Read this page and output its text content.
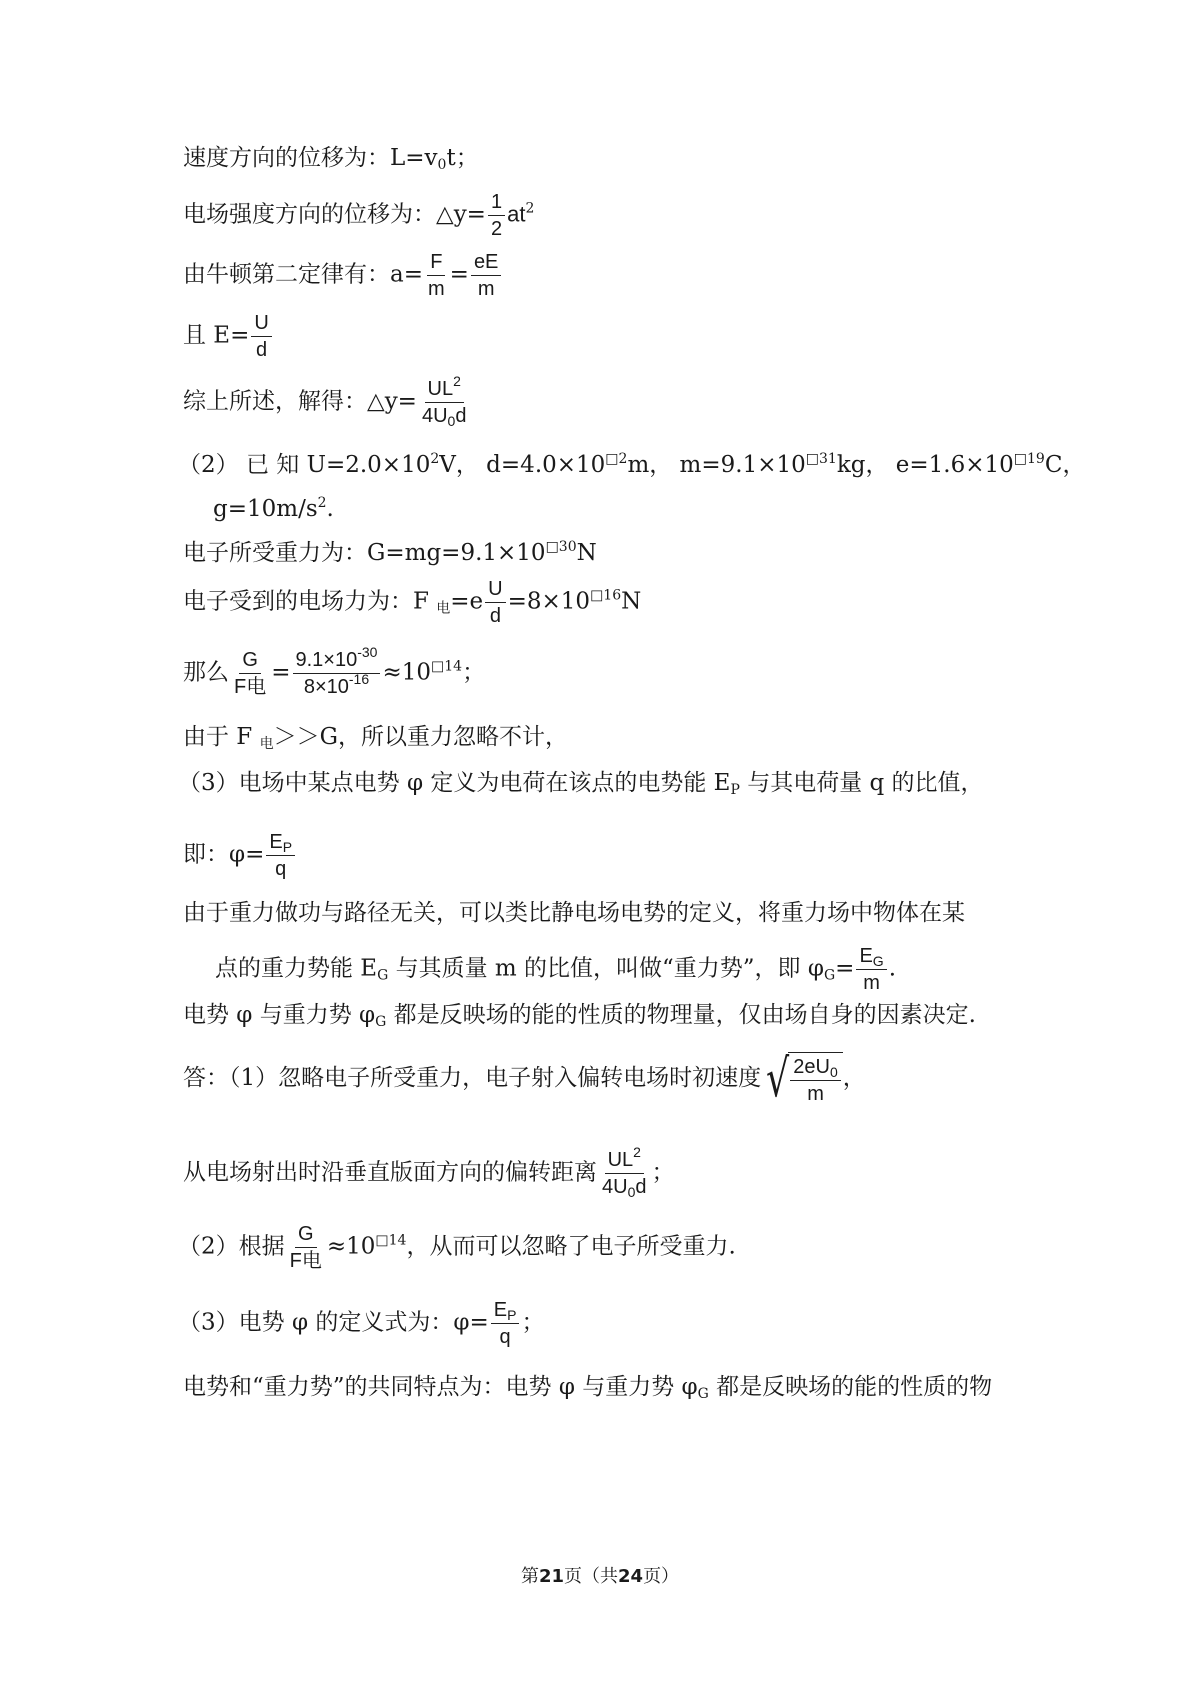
速度方向的位移为：$L=v_0t$；
电场强度方向的位移为：△y= $\frac{1}{2} at^2$
由牛顿第二定律有：$a= \frac{F}{m} = \frac{eE}{m}$
且 $E= \frac{U}{d}$
综上所述，解得：△y= $\frac{UL^2}{4U_0d}$
（2） 已 知 $U=2.0\times 10^2V$， $d=4.0\times 10^{□2}m$， $m=9.1\times 10^{□31}kg$， $e=1.6\times 10^{□19}C$，
$g=10m/s^2$.
电子所受重力为：$G=mg=9.1\times 10^{□30}N$
电子受到的电场力为：F $_电=e \frac{U}{d} =8\times 10^{□16}N$
那么 $\frac{G}{\text{F电}} = \frac{9.1\times 10^{-30}}{8\times 10^{-16}} \approx 10^{□14}$；
由于 F $_电$＞＞G，所以重力忽略不计，
（3）电场中某点电势 φ 定义为电荷在该点的电势能 $E_P$ 与其电荷量 q 的比值，
即：$\varphi= \frac{E_P}{q}$
由于重力做功与路径无关，可以类比静电场电势的定义，将重力场中物体在某
点的重力势能 $E_G$ 与其质量 m 的比值，叫做“重力势”，即 $\varphi_G= \frac{E_G}{m}$ .
电势 φ 与重力势 $\varphi_G$ 都是反映场的能的性质的物理量，仅由场自身的因素决定.
答：（1）忽略电子所受重力，电子射入偏转电场时初速度 √ $\frac{2eU_0}{m}$ ，
从电场射出时沿垂直版面方向的偏转距离 $\frac{UL^2}{4U_0d}$ ；
（2）根据 $\frac{G}{\text{F电}} \approx 10^{□14}$，从而可以忽略了电子所受重力.
（3）电势 φ 的定义式为：$\varphi= \frac{E_P}{q}$ ；
电势和“重力势”的共同特点为：电势 φ 与重力势 $\varphi_G$ 都是反映场的能的性质的物
第21页（共24页）
